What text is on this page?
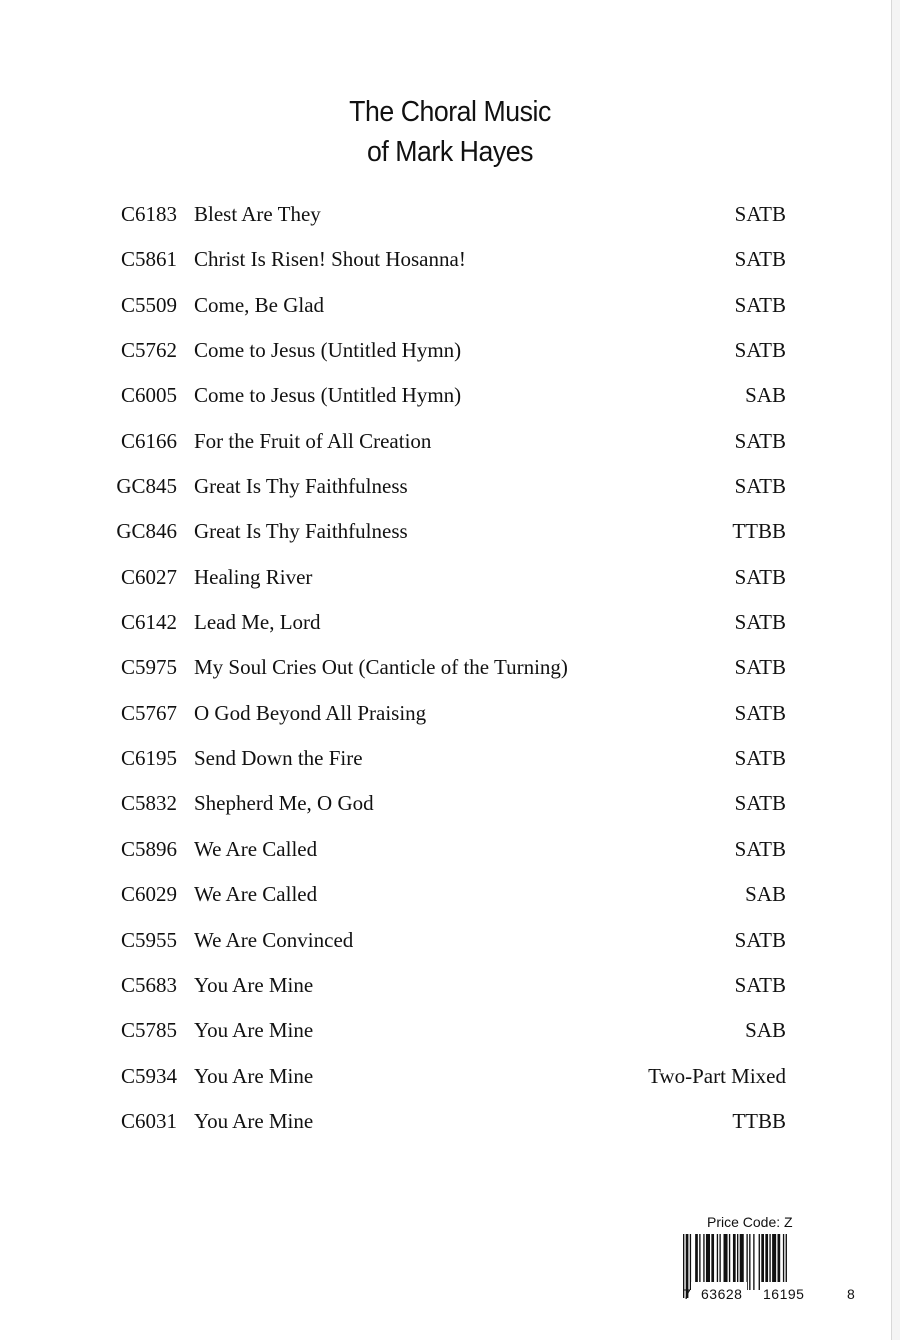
The Choral Music
of Mark Hayes
C6183 Blest Are They	SATB
C5861 Christ Is Risen! Shout Hosanna!	SATB
C5509 Come, Be Glad	SATB
C5762 Come to Jesus (Untitled Hymn)	SATB
C6005 Come to Jesus (Untitled Hymn)	SAB
C6166 For the Fruit of All Creation	SATB
GC845 Great Is Thy Faithfulness	SATB
GC846 Great Is Thy Faithfulness	TTBB
C6027 Healing River	SATB
C6142 Lead Me, Lord	SATB
C5975 My Soul Cries Out (Canticle of the Turning)	SATB
C5767 O God Beyond All Praising	SATB
C6195 Send Down the Fire	SATB
C5832 Shepherd Me, O God	SATB
C5896 We Are Called	SATB
C6029 We Are Called	SAB
C5955 We Are Convinced	SATB
C5683 You Are Mine	SATB
C5785 You Are Mine	SAB
C5934 You Are Mine	Two-Part Mixed
C6031 You Are Mine	TTBB
Price Code: Z
7 63628 16195	8
